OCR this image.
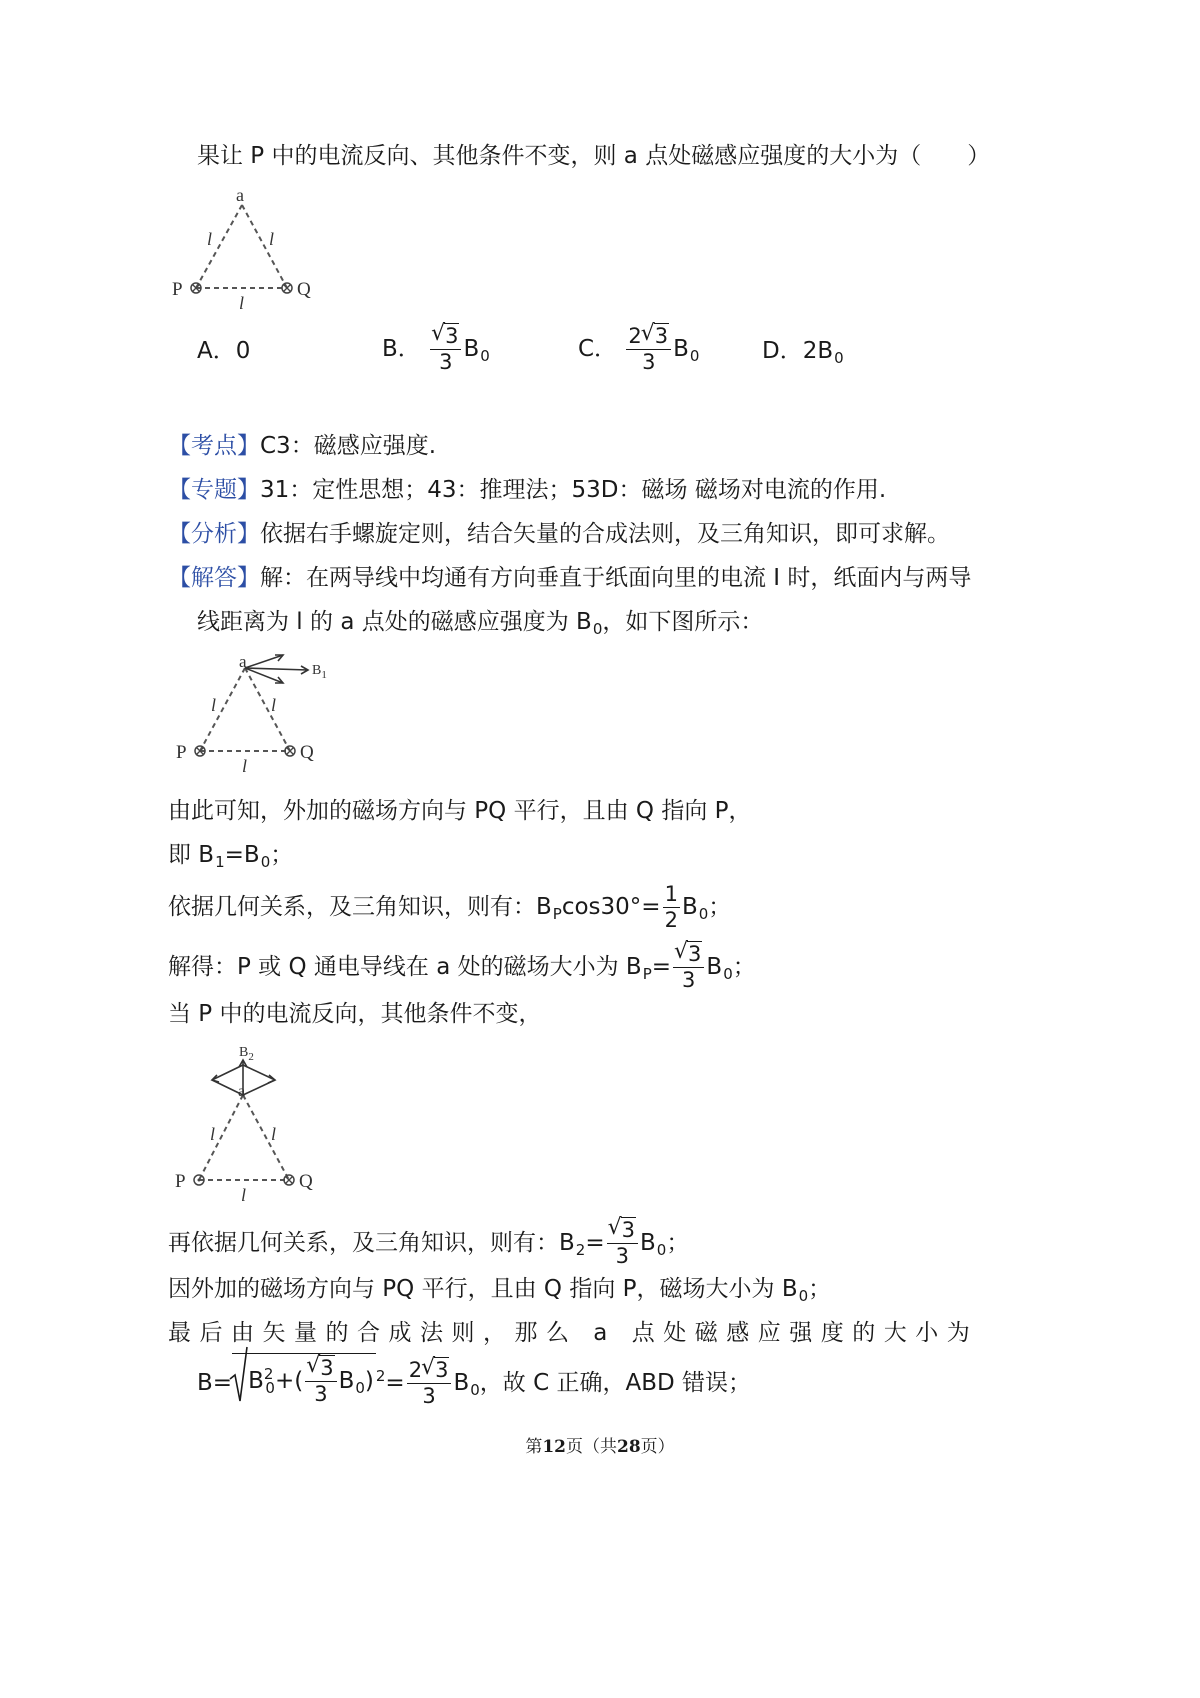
果让 P 中的电流反向、其他条件不变，则 a 点处磁感应强度的大小为（　　）
a
P	Q
l	l
l
A．0	B． √ $\frac{3}{3} B_0$	C． $\frac{2 √ 3}{3} B_0$	D．$2B_0$
【考点】C3：磁感应强度.
【专题】31：定性思想；43：推理法；53D：磁场 磁场对电流的作用.
【分析】依据右手螺旋定则，结合矢量的合成法则，及三角知识，即可求解。
【解答】解：在两导线中均通有方向垂直于纸面向里的电流 I 时，纸面内与两导
线距离为 l 的 a 点处的磁感应强度为 $B_0$，如下图所示：
a	$B_1$
P	Q
l	l
l
由此可知，外加的磁场方向与 PQ 平行，且由 Q 指向 P，
即 $B_1=B_0$；
依据几何关系，及三角知识，则有：$B_P\cos 30^\circ= \frac{1}{2} B_0$；
解得：P 或 Q 通电导线在 a 处的磁场大小为 $B_P=$ √ $\frac{3}{3} B_0$；
当 P 中的电流反向，其他条件不变，
$B_2$
a
P	Q
l	l
l
再依据几何关系，及三角知识，则有：$B_2=$ √ $\frac{3}{3} B_0$；
因外加的磁场方向与 PQ 平行，且由 Q 指向 P，磁场大小为 $B_0$；
最后由矢量的合成法则，那么 a 点处磁感应强度的大小为
$B= B^2_0+$( √ $\frac{3}{3} B_0$) $^2= \frac{2 √ 3}{3} B_0$，故 C 正确，ABD 错误；
第12页（共28页）
